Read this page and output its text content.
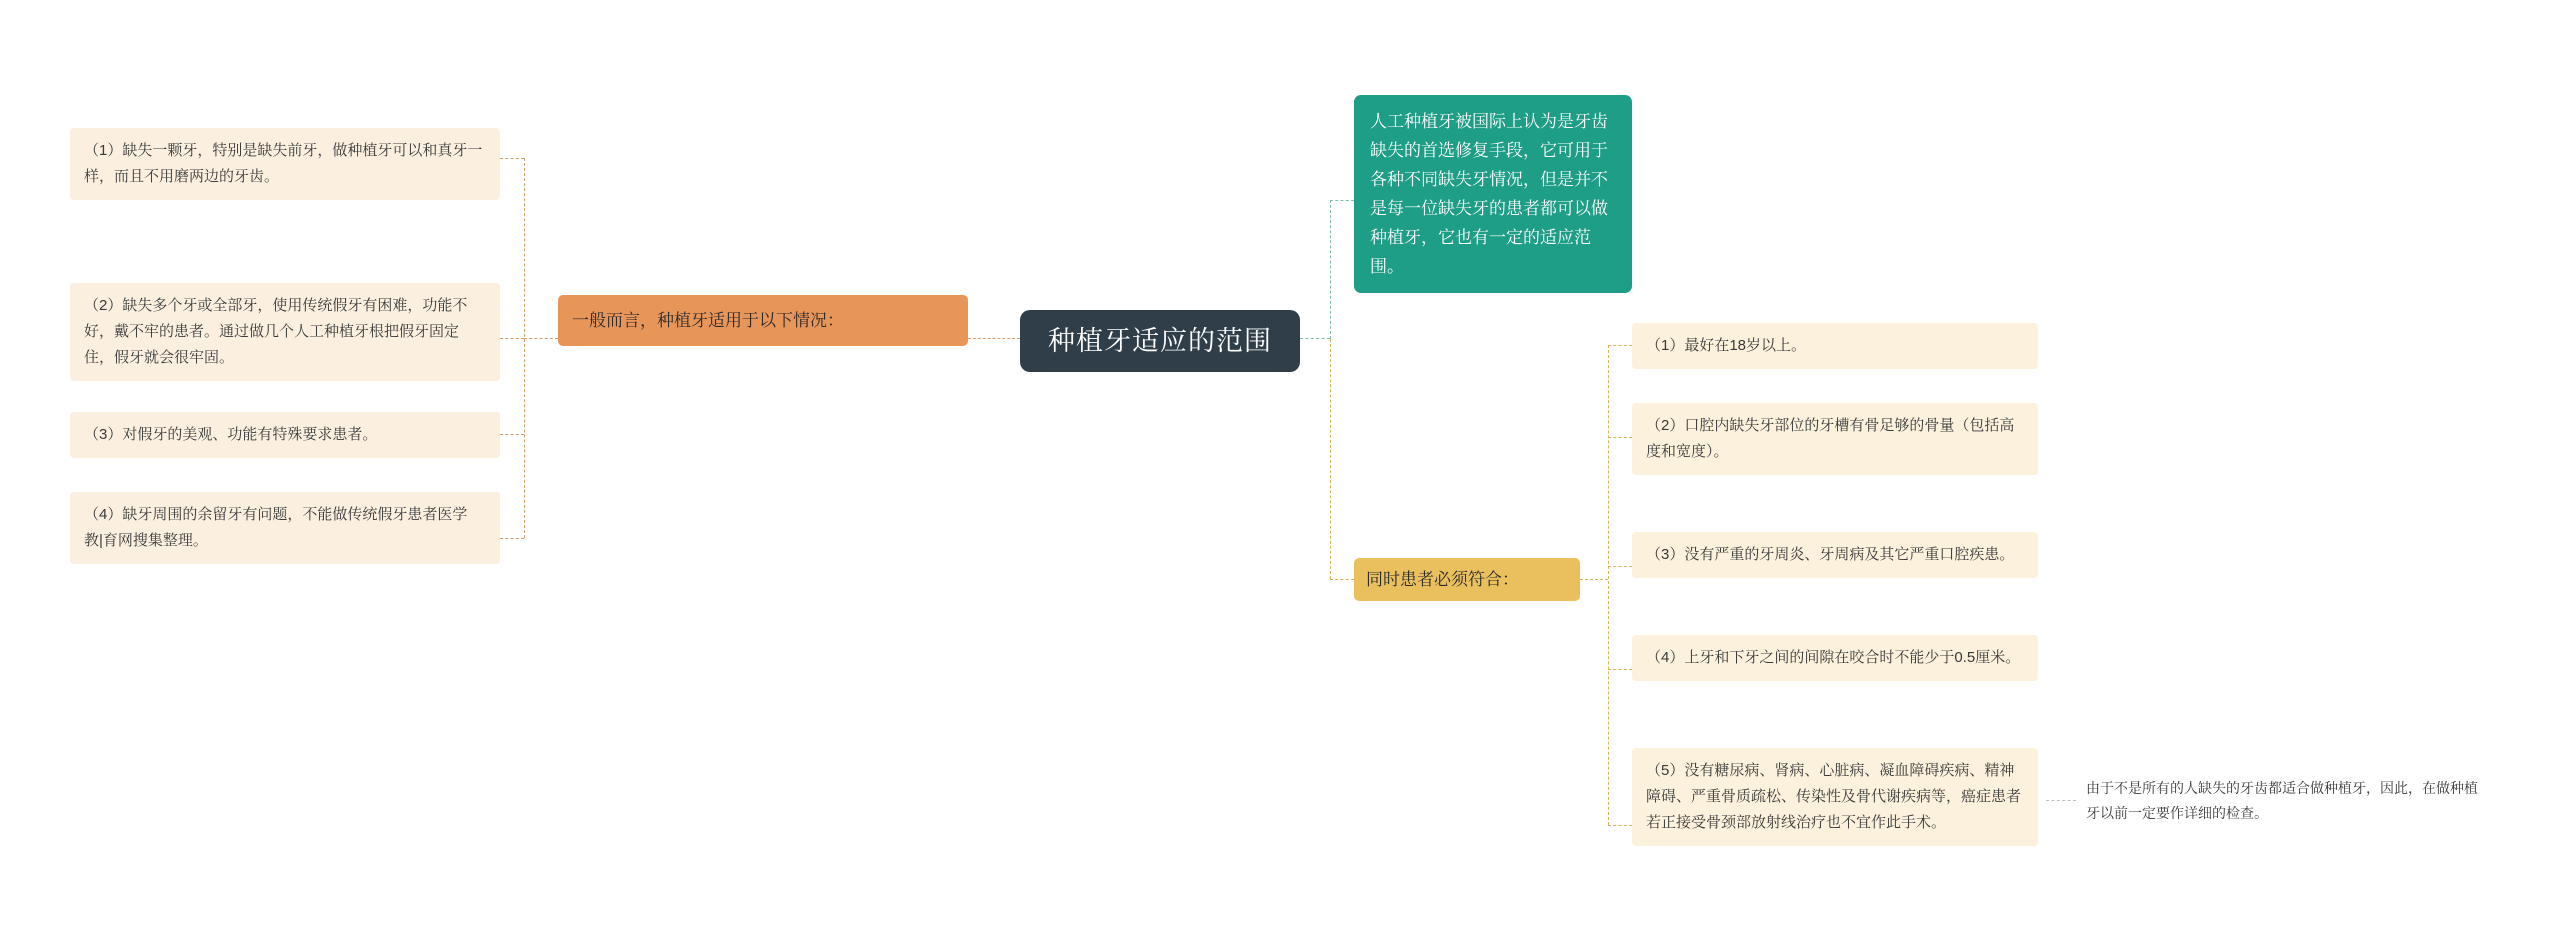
种植牙适应的范围
人工种植牙被国际上认为是牙齿缺失的首选修复手段，它可用于各种不同缺失牙情况，但是并不是每一位缺失牙的患者都可以做种植牙，它也有一定的适应范围。
一般而言，种植牙适用于以下情况：
（1）缺失一颗牙，特别是缺失前牙，做种植牙可以和真牙一样，而且不用磨两边的牙齿。
（2）缺失多个牙或全部牙，使用传统假牙有困难，功能不好，戴不牢的患者。通过做几个人工种植牙根把假牙固定住，假牙就会很牢固。
（3）对假牙的美观、功能有特殊要求患者。
（4）缺牙周围的余留牙有问题，不能做传统假牙患者医学教|育网搜集整理。
同时患者必须符合：
（1）最好在18岁以上。
（2）口腔内缺失牙部位的牙槽有骨足够的骨量（包括高度和宽度）。
（3）没有严重的牙周炎、牙周病及其它严重口腔疾患。
（4）上牙和下牙之间的间隙在咬合时不能少于0.5厘米。
（5）没有糖尿病、肾病、心脏病、凝血障碍疾病、精神障碍、严重骨质疏松、传染性及骨代谢疾病等，癌症患者若正接受骨颈部放射线治疗也不宜作此手术。
由于不是所有的人缺失的牙齿都适合做种植牙，因此，在做种植牙以前一定要作详细的检查。
